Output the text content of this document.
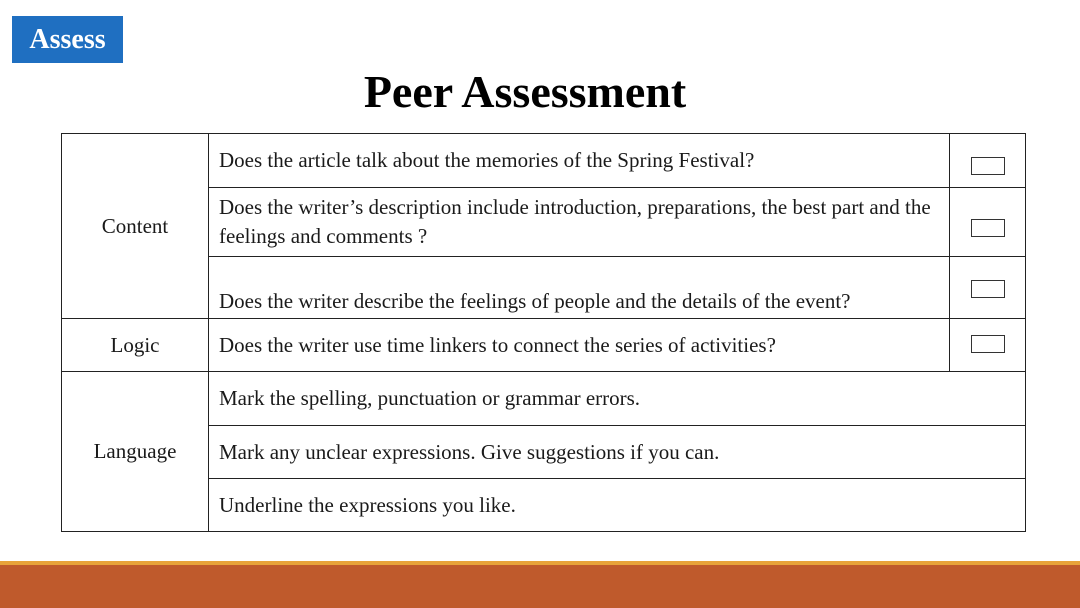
Assess
Peer Assessment
Content	Does the article talk about the memories of the Spring Festival?	
	Does the writer’s description include introduction, preparations, the best part and the feelings and comments ?	
	Does the writer describe the feelings of people and the details of the event?	
Logic	Does the writer use time linkers to connect the series of activities?	
Language	Mark the spelling, punctuation or grammar errors.	
	Mark any unclear expressions. Give suggestions if you can.	
	Underline the expressions you like.	
